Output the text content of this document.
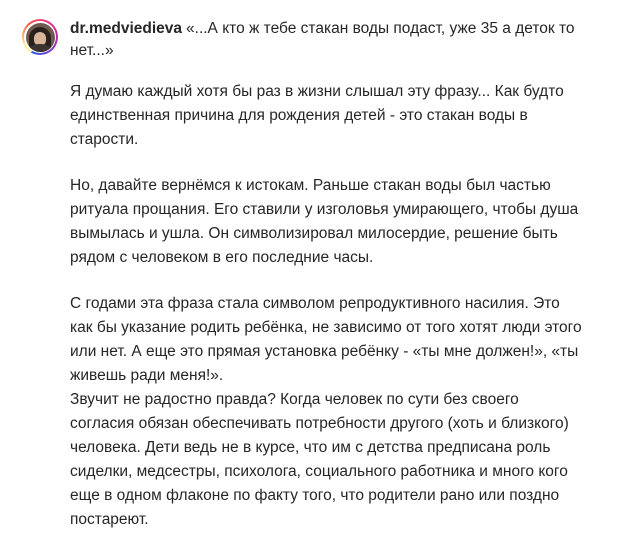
dr.medviedieva «...А кто ж тебе стакан воды подаст, уже 35 а деток то нет...»

Я думаю каждый хотя бы раз в жизни слышал эту фразу... Как будто единственная причина для рождения детей - это стакан воды в старости.

Но, давайте вернёмся к истокам. Раньше стакан воды был частью ритуала прощания. Его ставили у изголовья умирающего, чтобы душа вымылась и ушла. Он символизировал милосердие, решение быть рядом с человеком в его последние часы.

С годами эта фраза стала символом репродуктивного насилия. Это как бы указание родить ребёнка, не зависимо от того хотят люди этого или нет. А еще это прямая установка ребёнку - «ты мне должен!», «ты живешь ради меня!».

Звучит не радостно правда? Когда человек по сути без своего согласия обязан обеспечивать потребности другого (хоть и близкого) человека. Дети ведь не в курсе, что им с детства предписана роль сиделки, медсестры, психолога, социального работника и много кого еще в одном флаконе по факту того, что родители рано или поздно постареют.
